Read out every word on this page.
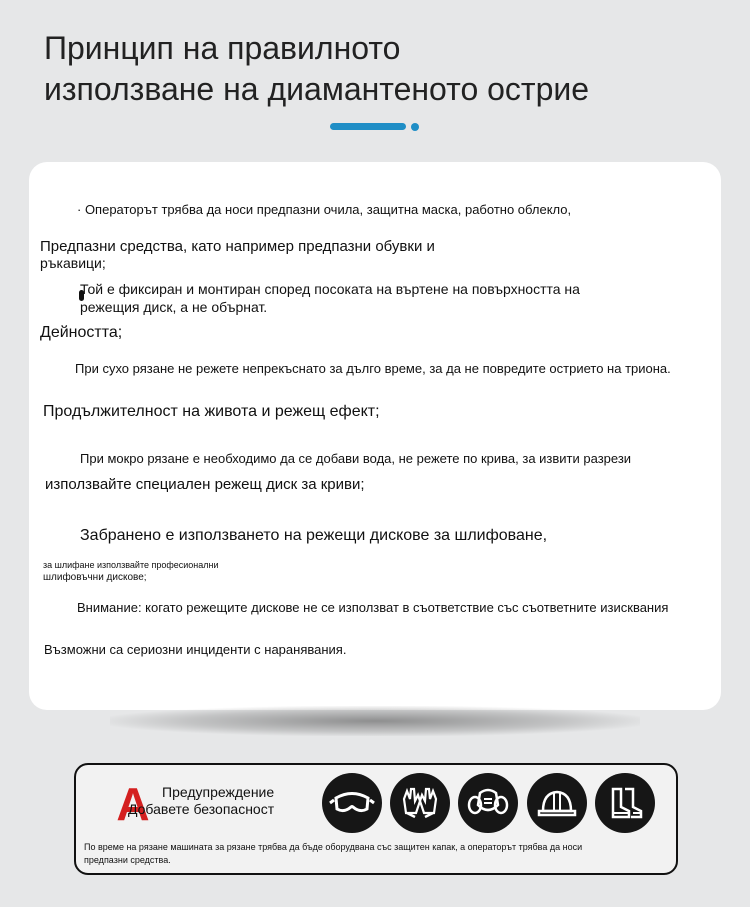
Принцип на правилното
използване на диамантеното острие
· Операторът трябва да носи предпазни очила, защитна маска, работно облекло,
Предпазни средства, като например предпазни обувки и
ръкавици;
Той е фиксиран и монтиран според посоката на въртене на повърхността на
режещия диск, а не обърнат.
Дейността;
При сухо рязане не режете непрекъснато за дълго време, за да не повредите острието на триона.
Продължителност на живота и режещ ефект;
При мокро рязане е необходимо да се добави вода, не режете по крива, за извити разрези
използвайте специален режещ диск за криви;
Забранено е използването на режещи дискове за шлифоване,
за шлифане използвайте професионални
шлифовъчни дискове;
Внимание: когато режещите дискове не се използват в съответствие със съответните изисквания
Възможни са сериозни инциденти с наранявания.
A Предупреждение
Добавете безопасност
По време на рязане машината за рязане трябва да бъде оборудвана със защитен капак, а операторът трябва да носи предпазни средства.
